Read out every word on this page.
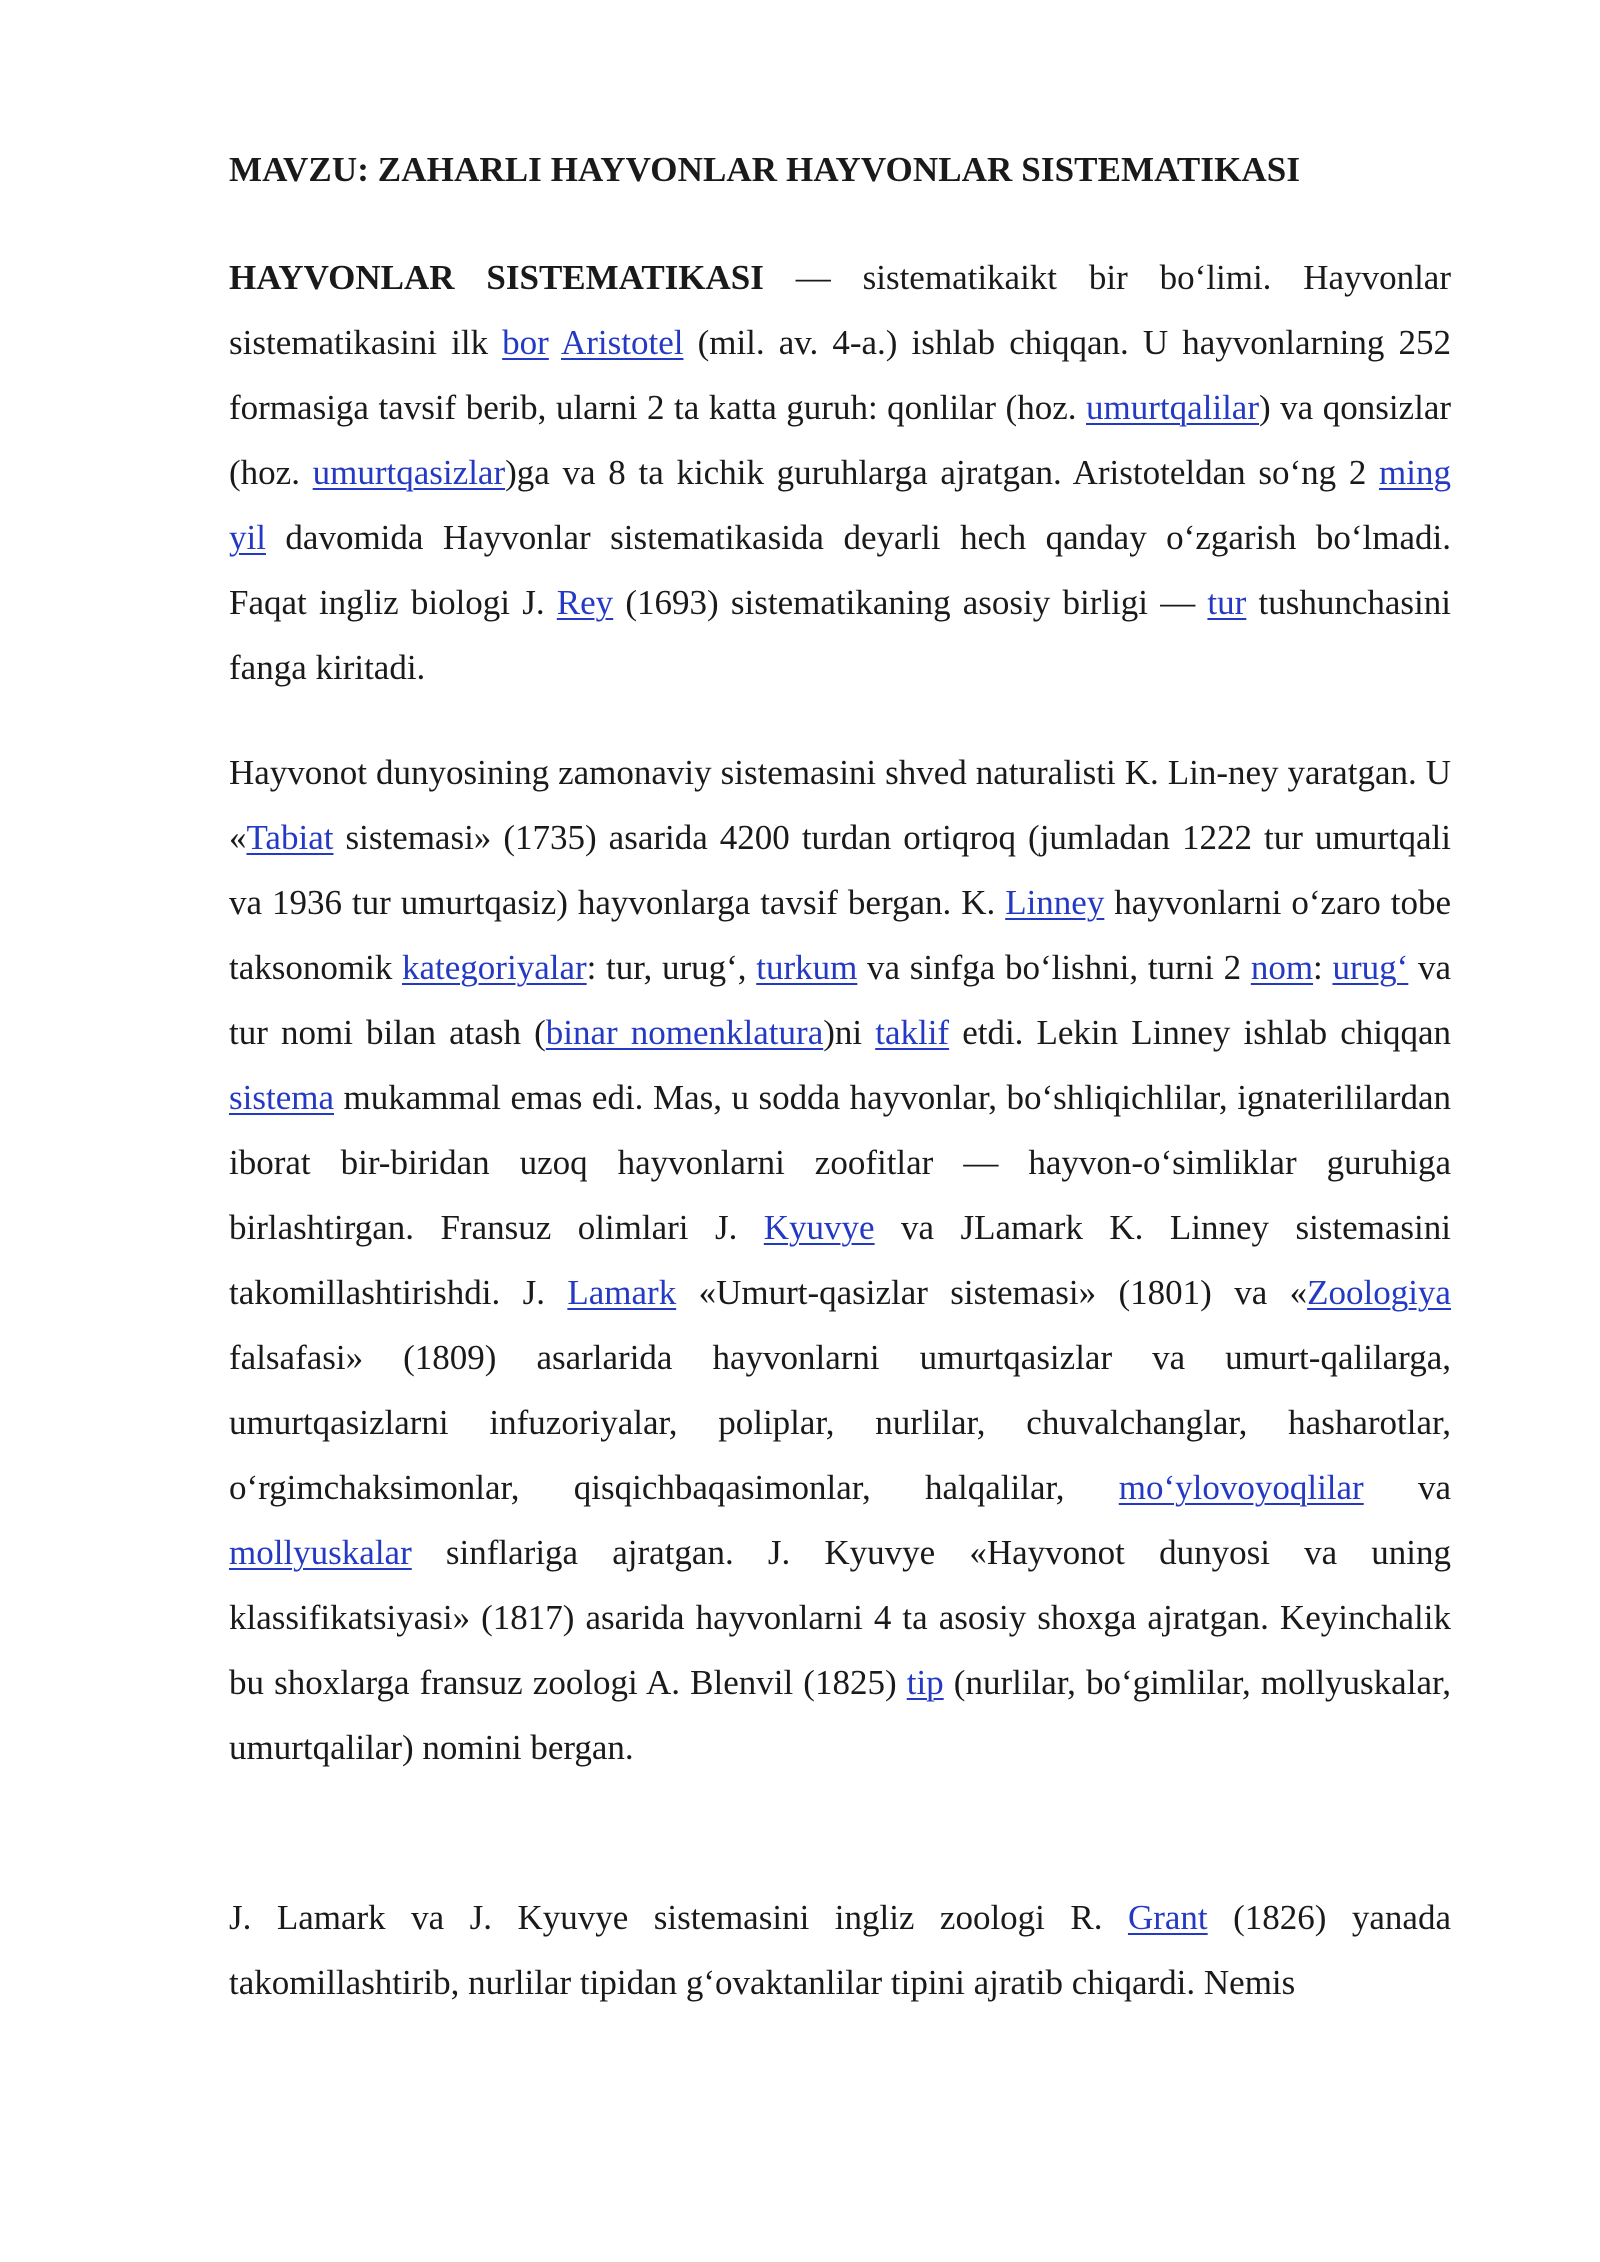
MAVZU: ZAHARLI HAYVONLAR HAYVONLAR SISTEMATIKASI

HAYVONLAR SISTEMATIKASI — sistematikaikt bir bo‘limi. Hayvonlar sistematikasini ilk bor Aristotel (mil. av. 4-a.) ishlab chiqqan. U hayvonlarning 252 formasiga tavsif berib, ularni 2 ta katta guruh: qonlilar (hoz. umurtqalilar) va qonsizlar (hoz. umurtqasizlar)ga va 8 ta kichik guruhlarga ajratgan. Aristoteldan so‘ng 2 ming yil davomida Hayvonlar sistematikasida deyarli hech qanday o‘zgarish bo‘lmadi. Faqat ingliz biologi J. Rey (1693) sistematikaning asosiy birligi — tur tushunchasini fanga kiritadi.

Hayvonot dunyosining zamonaviy sistemasini shved naturalisti K. Lin-ney yaratgan. U «Tabiat sistemasi» (1735) asarida 4200 turdan ortiqroq (jumladan 1222 tur umurtqali va 1936 tur umurtqasiz) hayvonlarga tavsif bergan. K. Linney hayvonlarni o‘zaro tobe taksonomik kategoriyalar: tur, urug‘, turkum va sinfga bo‘lishni, turni 2 nom: urug‘ va tur nomi bilan atash (binar nomenklatura)ni taklif etdi. Lekin Linney ishlab chiqqan sistema mukammal emas edi. Mas, u sodda hayvonlar, bo‘shliqichlilar, ignaterililardan iborat bir-biridan uzoq hayvonlarni zoofitlar — hayvon-o‘simliklar guruhiga birlashtirgan. Fransuz olimlari J. Kyuvye va JLamark K. Linney sistemasini takomillashtirishdi. J. Lamark «Umurt-qasizlar sistemasi» (1801) va «Zoologiya falsafasi» (1809) asarlarida hayvonlarni umurtqasizlar va umurt-qalilarga, umurtqasizlarni infuzoriyalar, poliplar, nurlilar, chuvalchanglar, hasharotlar, o‘rgimchaksimonlar, qisqichbaqasimonlar, halqalilar, mo‘ylovoyoqlilar va mollyuskalar sinflariga ajratgan. J. Kyuvye «Hayvonot dunyosi va uning klassifikatsiyasi» (1817) asarida hayvonlarni 4 ta asosiy shoxga ajratgan. Keyinchalik bu shoxlarga fransuz zoologi A. Blenvil (1825) tip (nurlilar, bo‘gimlilar, mollyuskalar, umurtqalilar) nomini bergan.

J. Lamark va J. Kyuvye sistemasini ingliz zoologi R. Grant (1826) yanada takomillashtirib, nurlilar tipidan g‘ovaktanlilar tipini ajratib chiqardi. Nemis
